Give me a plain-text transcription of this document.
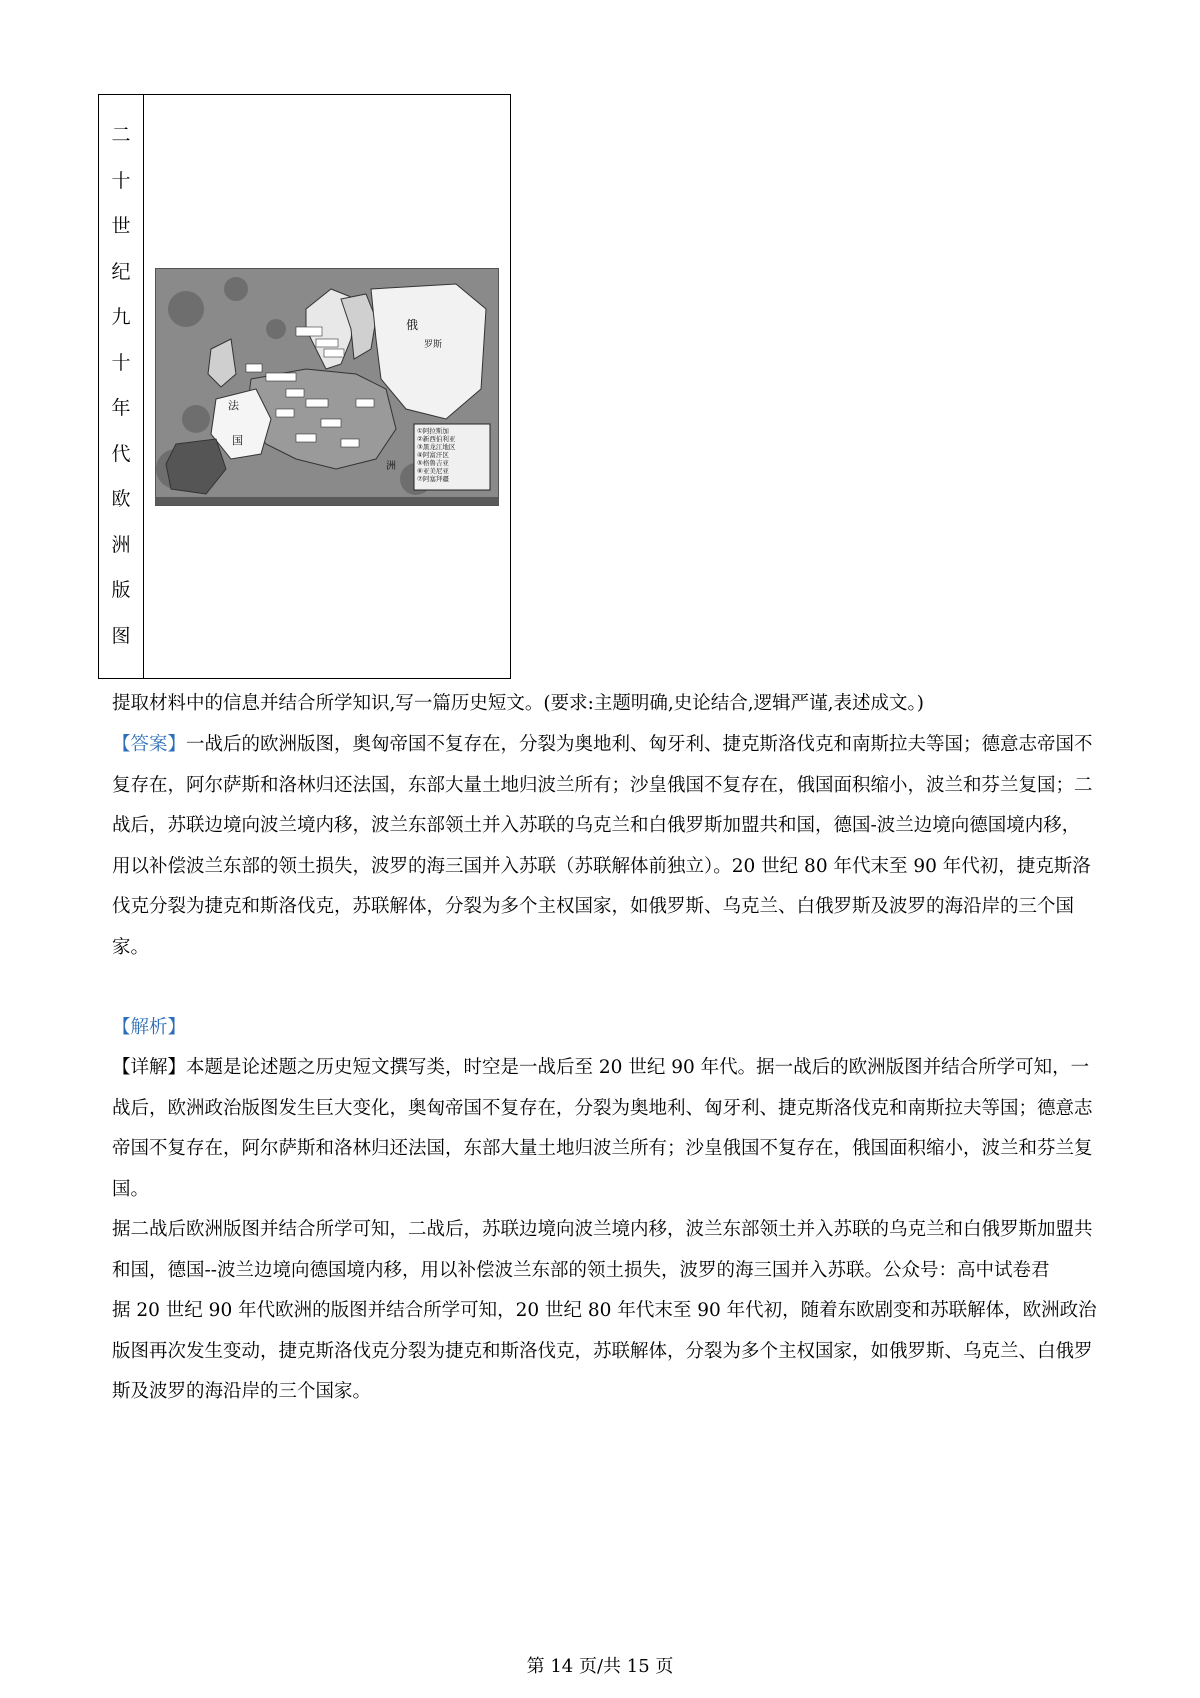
二
十
世
纪
九
十
年
代
欧
洲
版
图
法
国
俄
罗斯
洲
①阿拉斯加
②新西伯利亚
③黑龙江地区
④阿富汗区
⑤格鲁吉亚
⑥亚美尼亚
⑦阿塞拜疆

提取材料中的信息并结合所学知识,写一篇历史短文。(要求:主题明确,史论结合,逻辑严谨,表述成文。)

【答案】一战后的欧洲版图，奥匈帝国不复存在，分裂为奥地利、匈牙利、捷克斯洛伐克和南斯拉夫等国；德意志帝国不复存在，阿尔萨斯和洛林归还法国，东部大量土地归波兰所有；沙皇俄国不复存在，俄国面积缩小，波兰和芬兰复国；二战后，苏联边境向波兰境内移，波兰东部领土并入苏联的乌克兰和白俄罗斯加盟共和国，德国-波兰边境向德国境内移，用以补偿波兰东部的领土损失，波罗的海三国并入苏联（苏联解体前独立）。20 世纪 80 年代末至 90 年代初，捷克斯洛伐克分裂为捷克和斯洛伐克，苏联解体，分裂为多个主权国家，如俄罗斯、乌克兰、白俄罗斯及波罗的海沿岸的三个国家。

【解析】

【详解】本题是论述题之历史短文撰写类，时空是一战后至 20 世纪 90 年代。据一战后的欧洲版图并结合所学可知，一战后，欧洲政治版图发生巨大变化，奥匈帝国不复存在，分裂为奥地利、匈牙利、捷克斯洛伐克和南斯拉夫等国；德意志帝国不复存在，阿尔萨斯和洛林归还法国，东部大量土地归波兰所有；沙皇俄国不复存在，俄国面积缩小，波兰和芬兰复国。

据二战后欧洲版图并结合所学可知，二战后，苏联边境向波兰境内移，波兰东部领土并入苏联的乌克兰和白俄罗斯加盟共和国，德国--波兰边境向德国境内移，用以补偿波兰东部的领土损失，波罗的海三国并入苏联。公众号：高中试卷君

据 20 世纪 90 年代欧洲的版图并结合所学可知，20 世纪 80 年代末至 90 年代初，随着东欧剧变和苏联解体，欧洲政治版图再次发生变动，捷克斯洛伐克分裂为捷克和斯洛伐克，苏联解体，分裂为多个主权国家，如俄罗斯、乌克兰、白俄罗斯及波罗的海沿岸的三个国家。

第 14 页/共 15 页
